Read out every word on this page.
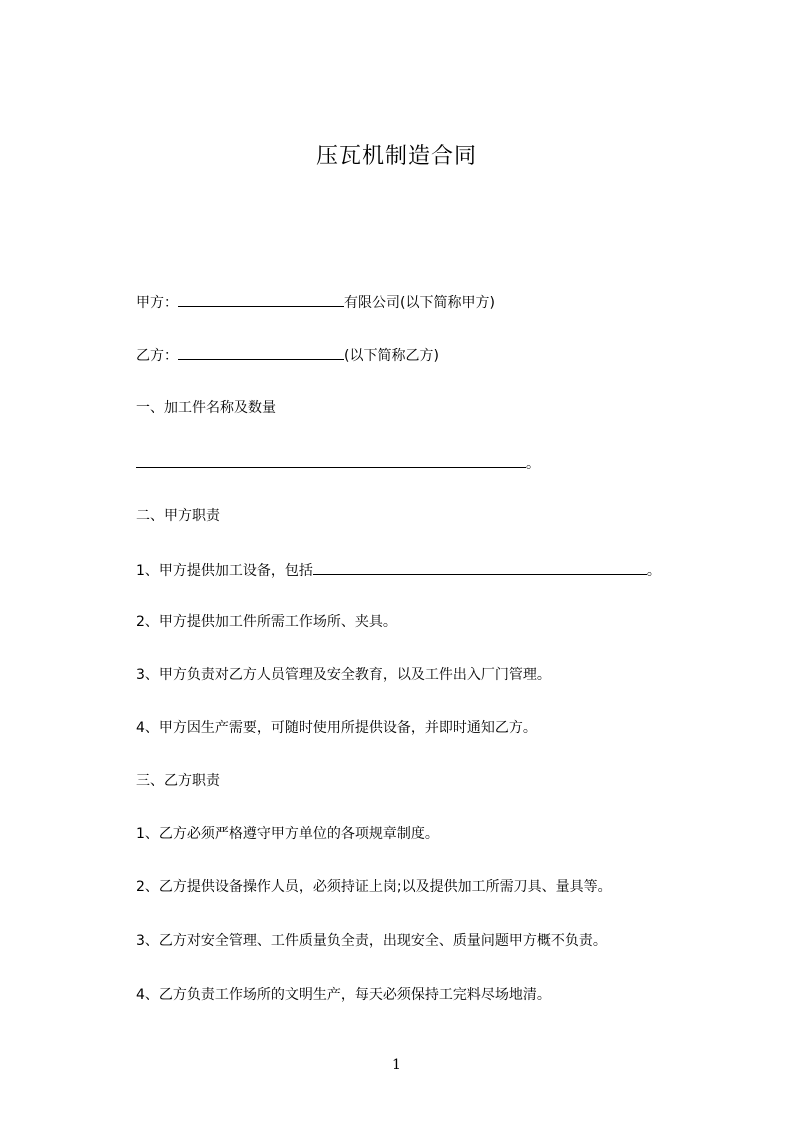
压瓦机制造合同
甲方：	有限公司(以下简称甲方)
乙方：	(以下简称乙方)
一、加工件名称及数量
。
二、甲方职责
1、甲方提供加工设备，包括	。
2、甲方提供加工件所需工作场所、夹具。
3、甲方负责对乙方人员管理及安全教育，以及工件出入厂门管理。
4、甲方因生产需要，可随时使用所提供设备，并即时通知乙方。
三、乙方职责
1、乙方必须严格遵守甲方单位的各项规章制度。
2、乙方提供设备操作人员，必须持证上岗;以及提供加工所需刀具、量具等。
3、乙方对安全管理、工件质量负全责，出现安全、质量问题甲方概不负责。
4、乙方负责工作场所的文明生产，每天必须保持工完料尽场地清。
1
